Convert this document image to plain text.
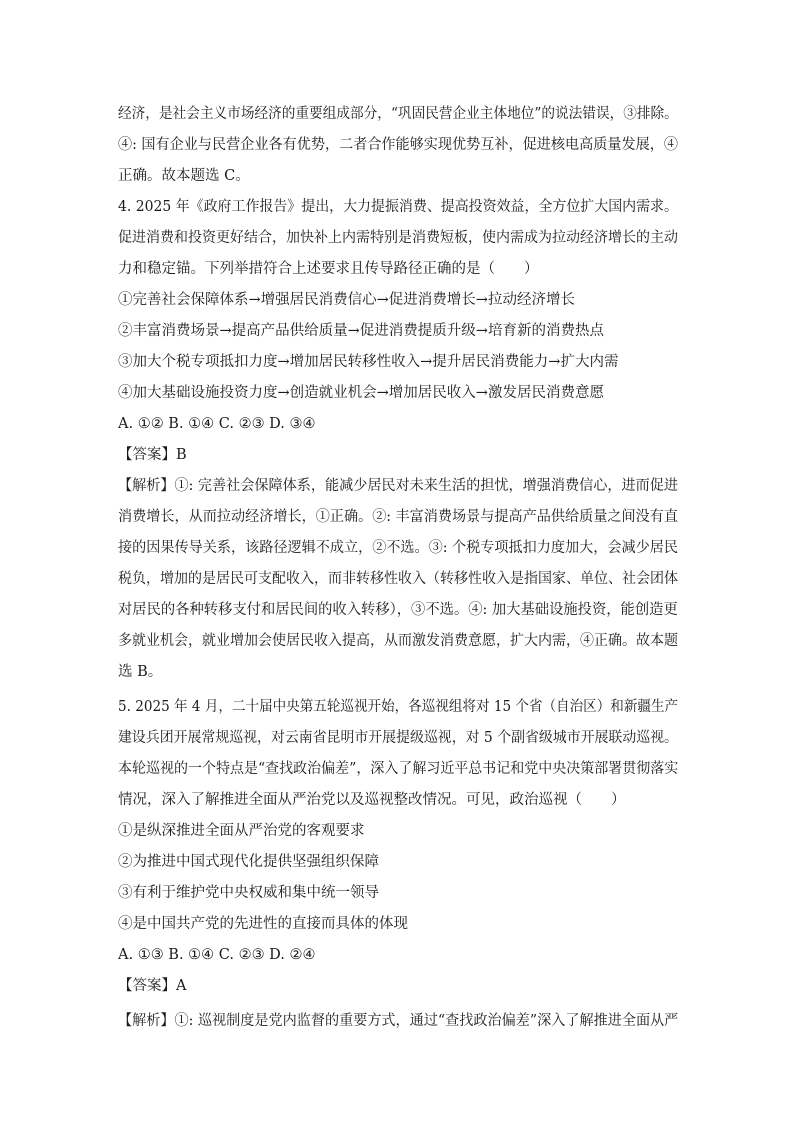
经济，是社会主义市场经济的重要组成部分，“巩固民营企业主体地位”的说法错误，③排除。
④: 国有企业与民营企业各有优势，二者合作能够实现优势互补，促进核电高质量发展，④
正确。故本题选 C。
4. 2025 年《政府工作报告》提出，大力提振消费、提高投资效益，全方位扩大国内需求。
促进消费和投资更好结合，加快补上内需特别是消费短板，使内需成为拉动经济增长的主动
力和稳定锚。下列举措符合上述要求且传导路径正确的是（　　）
①完善社会保障体系→增强居民消费信心→促进消费增长→拉动经济增长
②丰富消费场景→提高产品供给质量→促进消费提质升级→培育新的消费热点
③加大个税专项抵扣力度→增加居民转移性收入→提升居民消费能力→扩大内需
④加大基础设施投资力度→创造就业机会→增加居民收入→激发居民消费意愿
A. ①② B. ①④ C. ②③ D. ③④
【答案】B
【解析】①: 完善社会保障体系，能减少居民对未来生活的担忧，增强消费信心，进而促进
消费增长，从而拉动经济增长，①正确。②: 丰富消费场景与提高产品供给质量之间没有直
接的因果传导关系，该路径逻辑不成立，②不选。③: 个税专项抵扣力度加大，会减少居民
税负，增加的是居民可支配收入，而非转移性收入（转移性收入是指国家、单位、社会团体
对居民的各种转移支付和居民间的收入转移），③不选。④: 加大基础设施投资，能创造更
多就业机会，就业增加会使居民收入提高，从而激发消费意愿，扩大内需，④正确。故本题
选 B。
5. 2025 年 4 月，二十届中央第五轮巡视开始，各巡视组将对 15 个省（自治区）和新疆生产
建设兵团开展常规巡视，对云南省昆明市开展提级巡视，对 5 个副省级城市开展联动巡视。
本轮巡视的一个特点是“查找政治偏差”，深入了解习近平总书记和党中央决策部署贯彻落实
情况，深入了解推进全面从严治党以及巡视整改情况。可见，政治巡视（　　）
①是纵深推进全面从严治党的客观要求
②为推进中国式现代化提供坚强组织保障
③有利于维护党中央权威和集中统一领导
④是中国共产党的先进性的直接而具体的体现
A. ①③ B. ①④ C. ②③ D. ②④
【答案】A
【解析】①: 巡视制度是党内监督的重要方式，通过“查找政治偏差”深入了解推进全面从严
